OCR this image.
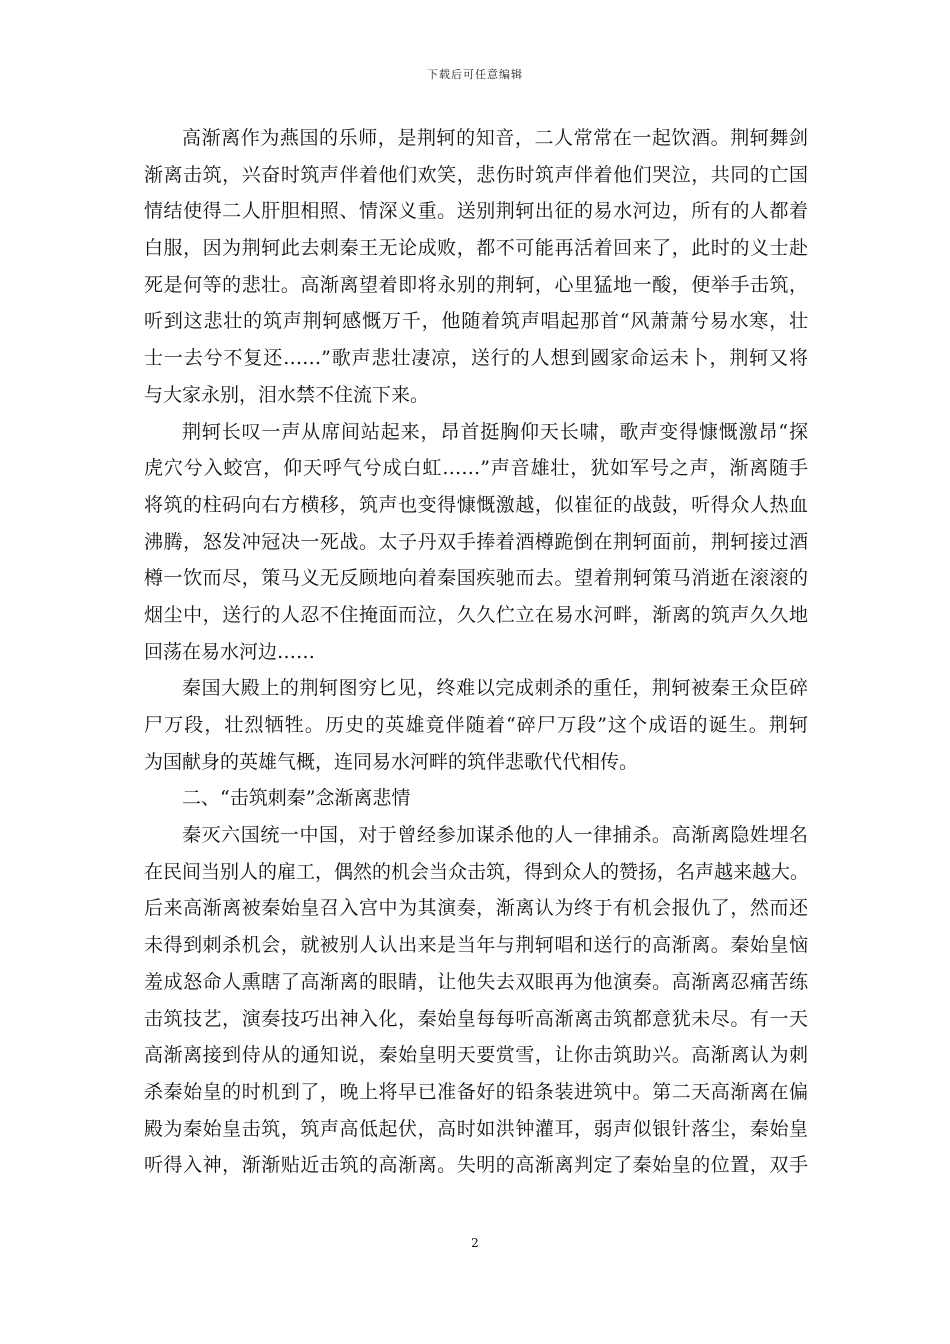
下载后可任意编辑
高渐离作为燕国的乐师，是荆轲的知音，二人常常在一起饮酒。荆轲舞剑
渐离击筑，兴奋时筑声伴着他们欢笑，悲伤时筑声伴着他们哭泣，共同的亡国
情结使得二人肝胆相照、情深义重。送别荆轲出征的易水河边，所有的人都着
白服，因为荆轲此去刺秦王无论成败，都不可能再活着回来了，此时的义士赴
死是何等的悲壮。高渐离望着即将永别的荆轲，心里猛地一酸，便举手击筑，
听到这悲壮的筑声荆轲感慨万千，他随着筑声唱起那首“风萧萧兮易水寒，壮
士一去兮不复还……”歌声悲壮凄凉，送行的人想到國家命运未卜，荆轲又将
与大家永别，泪水禁不住流下来。
荆轲长叹一声从席间站起来，昂首挺胸仰天长啸，歌声变得慷慨激昂“探
虎穴兮入蛟宫，仰天呼气兮成白虹……”声音雄壮，犹如军号之声，渐离随手
将筑的柱码向右方横移，筑声也变得慷慨激越，似崔征的战鼓，听得众人热血
沸腾，怒发冲冠决一死战。太子丹双手捧着酒樽跪倒在荆轲面前，荆轲接过酒
樽一饮而尽，策马义无反顾地向着秦国疾驰而去。望着荆轲策马消逝在滚滚的
烟尘中，送行的人忍不住掩面而泣，久久伫立在易水河畔，渐离的筑声久久地
回荡在易水河边……
秦国大殿上的荆轲图穷匕见，终难以完成刺杀的重任，荆轲被秦王众臣碎
尸万段，壮烈牺牲。历史的英雄竟伴随着“碎尸万段”这个成语的诞生。荆轲
为国献身的英雄气概，连同易水河畔的筑伴悲歌代代相传。
二、“击筑刺秦”念渐离悲情
秦灭六国统一中国，对于曾经参加谋杀他的人一律捕杀。高渐离隐姓埋名
在民间当别人的雇工，偶然的机会当众击筑，得到众人的赞扬，名声越来越大。
后来高渐离被秦始皇召入宫中为其演奏，渐离认为终于有机会报仇了，然而还
未得到刺杀机会，就被别人认出来是当年与荆轲唱和送行的高渐离。秦始皇恼
羞成怒命人熏瞎了高渐离的眼睛，让他失去双眼再为他演奏。高渐离忍痛苦练
击筑技艺，演奏技巧出神入化，秦始皇每每听高渐离击筑都意犹未尽。有一天
高渐离接到侍从的通知说，秦始皇明天要赏雪，让你击筑助兴。高渐离认为刺
杀秦始皇的时机到了，晚上将早已准备好的铅条装进筑中。第二天高渐离在偏
殿为秦始皇击筑，筑声高低起伏，高时如洪钟灌耳，弱声似银针落尘，秦始皇
听得入神，渐渐贴近击筑的高渐离。失明的高渐离判定了秦始皇的位置，双手
2
